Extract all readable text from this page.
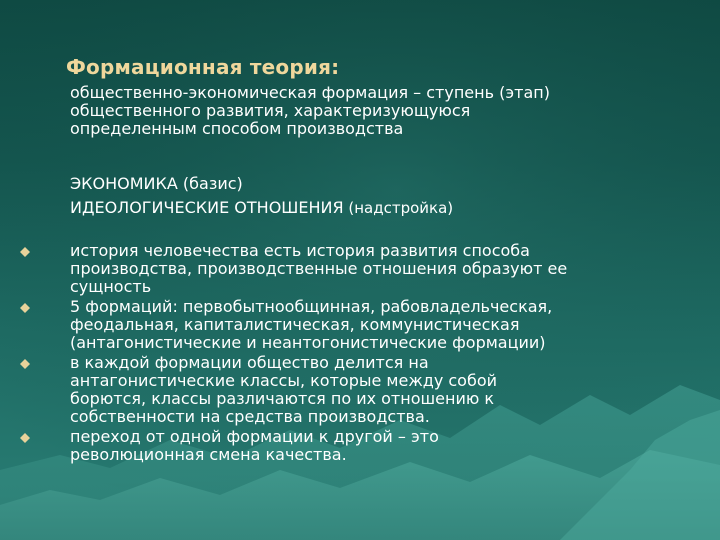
Формационная теория:
общественно-экономическая формация – ступень (этап)
общественного развития, характеризующуюся
определенным способом производства
ЭКОНОМИКА (базис)
ИДЕОЛОГИЧЕСКИЕ ОТНОШЕНИЯ (надстройка)
история человечества есть история развития способа
производства, производственные отношения образуют ее
сущность
5 формаций: первобытнообщинная, рабовладельческая,
феодальная, капиталистическая, коммунистическая
(антагонистические и неантогонистические формации)
в каждой формации общество делится на
антагонистические классы, которые между собой
борются, классы различаются по их отношению к
собственности на средства производства.
переход от одной формации к другой – это
революционная смена качества.
